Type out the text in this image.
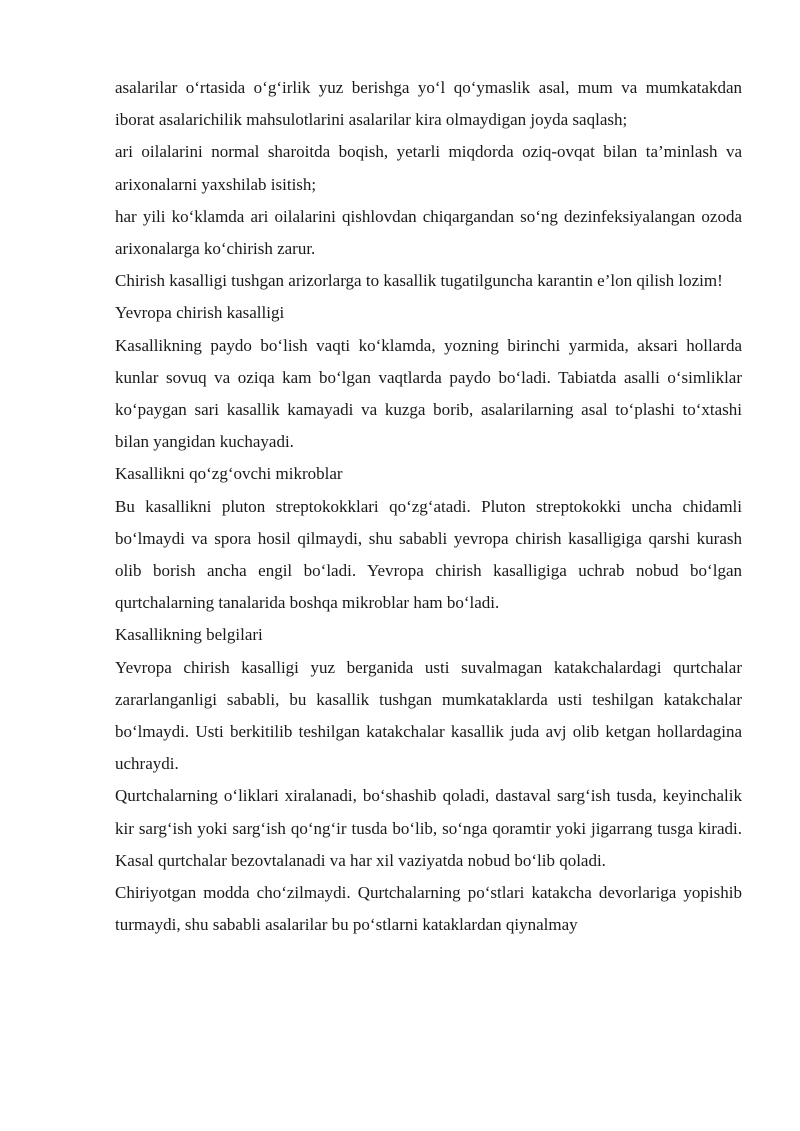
asalarilar o‘rtasida o‘g‘irlik yuz berishga yo‘l qo‘ymaslik asal, mum va mumkatakdan iborat asalarichilik mahsulotlarini asalarilar kira olmaydigan joyda saqlash;

ari oilalarini normal sharoitda boqish, yetarli miqdorda oziq-ovqat bilan ta’minlash va arixonalarni yaxshilab isitish;

har yili ko‘klamda ari oilalarini qishlovdan chiqargandan so‘ng dezinfeksiyalangan ozoda arixonalarga ko‘chirish zarur.

Chirish kasalligi tushgan arizorlarga to kasallik tugatilguncha karantin e’lon qilish lozim!

Yevropa chirish kasalligi

Kasallikning paydo bo‘lish vaqti ko‘klamda, yozning birinchi yarmida, aksari hollarda kunlar sovuq va oziqa kam bo‘lgan vaqtlarda paydo bo‘ladi. Tabiatda asalli o‘simliklar ko‘paygan sari kasallik kamayadi va kuzga borib, asalarilarning asal to‘plashi to‘xtashi bilan yangidan kuchayadi.

Kasallikni qo‘zg‘ovchi mikroblar

Bu kasallikni pluton streptokokklari qo‘zg‘atadi. Pluton streptokokki uncha chidamli bo‘lmaydi va spora hosil qilmaydi, shu sababli yevropa chirish kasalligiga qarshi kurash olib borish ancha engil bo‘ladi. Yevropa chirish kasalligiga uchrab nobud bo‘lgan qurtchalarning tanalarida boshqa mikroblar ham bo‘ladi.

Kasallikning belgilari

Yevropa chirish kasalligi yuz berganida usti suvalmagan katakchalardagi qurtchalar zararlanganligi sababli, bu kasallik tushgan mumkataklarda usti teshilgan katakchalar bo‘lmaydi. Usti berkitilib teshilgan katakchalar kasallik juda avj olib ketgan hollardagina uchraydi.

Qurtchalarning o‘liklari xiralanadi, bo‘shashib qoladi, dastaval sarg‘ish tusda, keyinchalik kir sarg‘ish yoki sarg‘ish qo‘ng‘ir tusda bo‘lib, so‘nga qoramtir yoki jigarrang tusga kiradi. Kasal qurtchalar bezovtalanadi va har xil vaziyatda nobud bo‘lib qoladi.

Chiriyotgan modda cho‘zilmaydi. Qurtchalarning po‘stlari katakcha devorlariga yopishib turmaydi, shu sababli asalarilar bu po‘stlarni kataklardan qiynalmay
